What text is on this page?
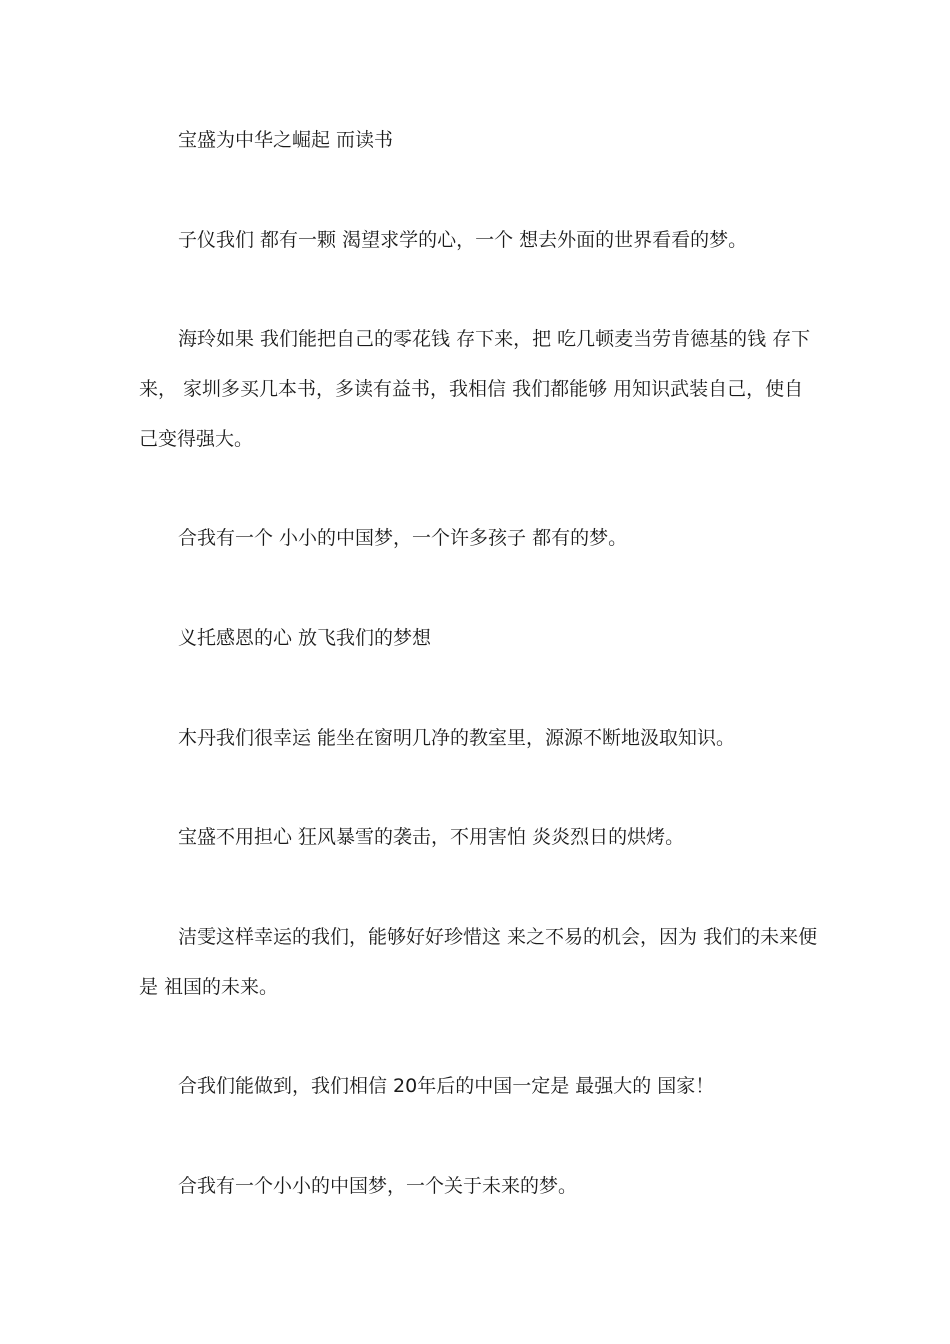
宝盛为中华之崛起 而读书

子仪我们 都有一颗 渴望求学的心，一个 想去外面的世界看看的梦。

海玲如果 我们能把自己的零花钱 存下来，把 吃几顿麦当劳肯德基的钱 存下来， 家圳多买几本书，多读有益书，我相信 我们都能够 用知识武装自己，使自己变得强大。

合我有一个 小小的中国梦，一个许多孩子 都有的梦。

义托感恩的心 放飞我们的梦想

木丹我们很幸运 能坐在窗明几净的教室里，源源不断地汲取知识。

宝盛不用担心 狂风暴雪的袭击，不用害怕 炎炎烈日的烘烤。

洁雯这样幸运的我们，能够好好珍惜这 来之不易的机会，因为 我们的未来便是 祖国的未来。

合我们能做到，我们相信 20年后的中国一定是 最强大的 国家！

合我有一个小小的中国梦，一个关于未来的梦。
